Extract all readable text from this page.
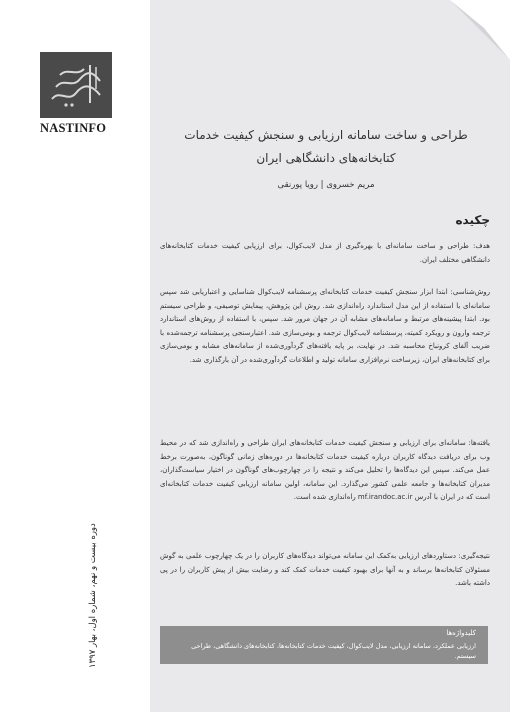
NASTINFO
دوره بیست و نهم، شماره اول، بهار ۱۳۹۷
طراحی و ساخت سامانه ارزیابی و سنجش کیفیت خدمات
کتابخانه‌های دانشگاهی ایران
مریم خسروی | رویا پورنقی
چکیده

هدف: طراحی و ساخت سامانه‌ای با بهره‌گیری از مدل لایب‌کوال، برای ارزیابی کیفیت خدمات کتابخانه‌های دانشگاهی مختلف ایران.

روش‌شناسی: ابتدا ابزار سنجش کیفیت خدمات کتابخانه‌ای پرسشنامه لایب‌کوال شناسایی و اعتباریابی شد سپس سامانه‌ای با استفاده از این مدل استاندارد راه‌اندازی شد. روش این پژوهش، پیمایش توصیفی، و طراحی سیستم بود. ابتدا پیشینه‌های مرتبط و سامانه‌های مشابه آن در جهان مرور شد. سپس، با استفاده از روش‌های استاندارد ترجمه وارون و رویکرد کمیته، پرسشنامه لایب‌کوال ترجمه و بومی‌سازی شد. اعتبارسنجی پرسشنامه ترجمه‌شده با ضریب آلفای کرونباخ محاسبه شد. در نهایت، بر پایه یافته‌های گردآوری‌شده از سامانه‌های مشابه و بومی‌سازی برای کتابخانه‌های ایران، زیرساخت نرم‌افزاری سامانه تولید و اطلاعات گردآوری‌شده در آن بارگذاری شد.

یافته‌ها: سامانه‌ای برای ارزیابی و سنجش کیفیت خدمات کتابخانه‌های ایران طراحی و راه‌اندازی شد که در محیط وب برای دریافت دیدگاه کاربران درباره کیفیت خدمات کتابخانه‌ها در دوره‌های زمانی گوناگون، به‌صورت برخط عمل می‌کند. سپس این دیدگاه‌ها را تحلیل می‌کند و نتیجه را در چهارچوب‌های گوناگون در اختیار سیاست‌گذاران، مدیران کتابخانه‌ها و جامعه علمی کشور می‌گذارد. این سامانه، اولین سامانه ارزیابی کیفیت خدمات کتابخانه‌ای است که در ایران با آدرس mf.irandoc.ac.ir راه‌اندازی شده است.

نتیجه‌گیری: دستاوردهای ارزیابی به‌کمک این سامانه می‌تواند دیدگاه‌های کاربران را در یک چهارچوب علمی به گوش مسئولان کتابخانه‌ها برساند و به آنها برای بهبود کیفیت خدمات کمک کند و رضایت بیش از پیش کاربران را در پی داشته باشد.

کلیدواژه‌ها
ارزیابی عملکرد، سامانه ارزیابی، مدل لایب‌کوال، کیفیت خدمات کتابخانه‌ها، کتابخانه‌های دانشگاهی، طراحی سیستم.
